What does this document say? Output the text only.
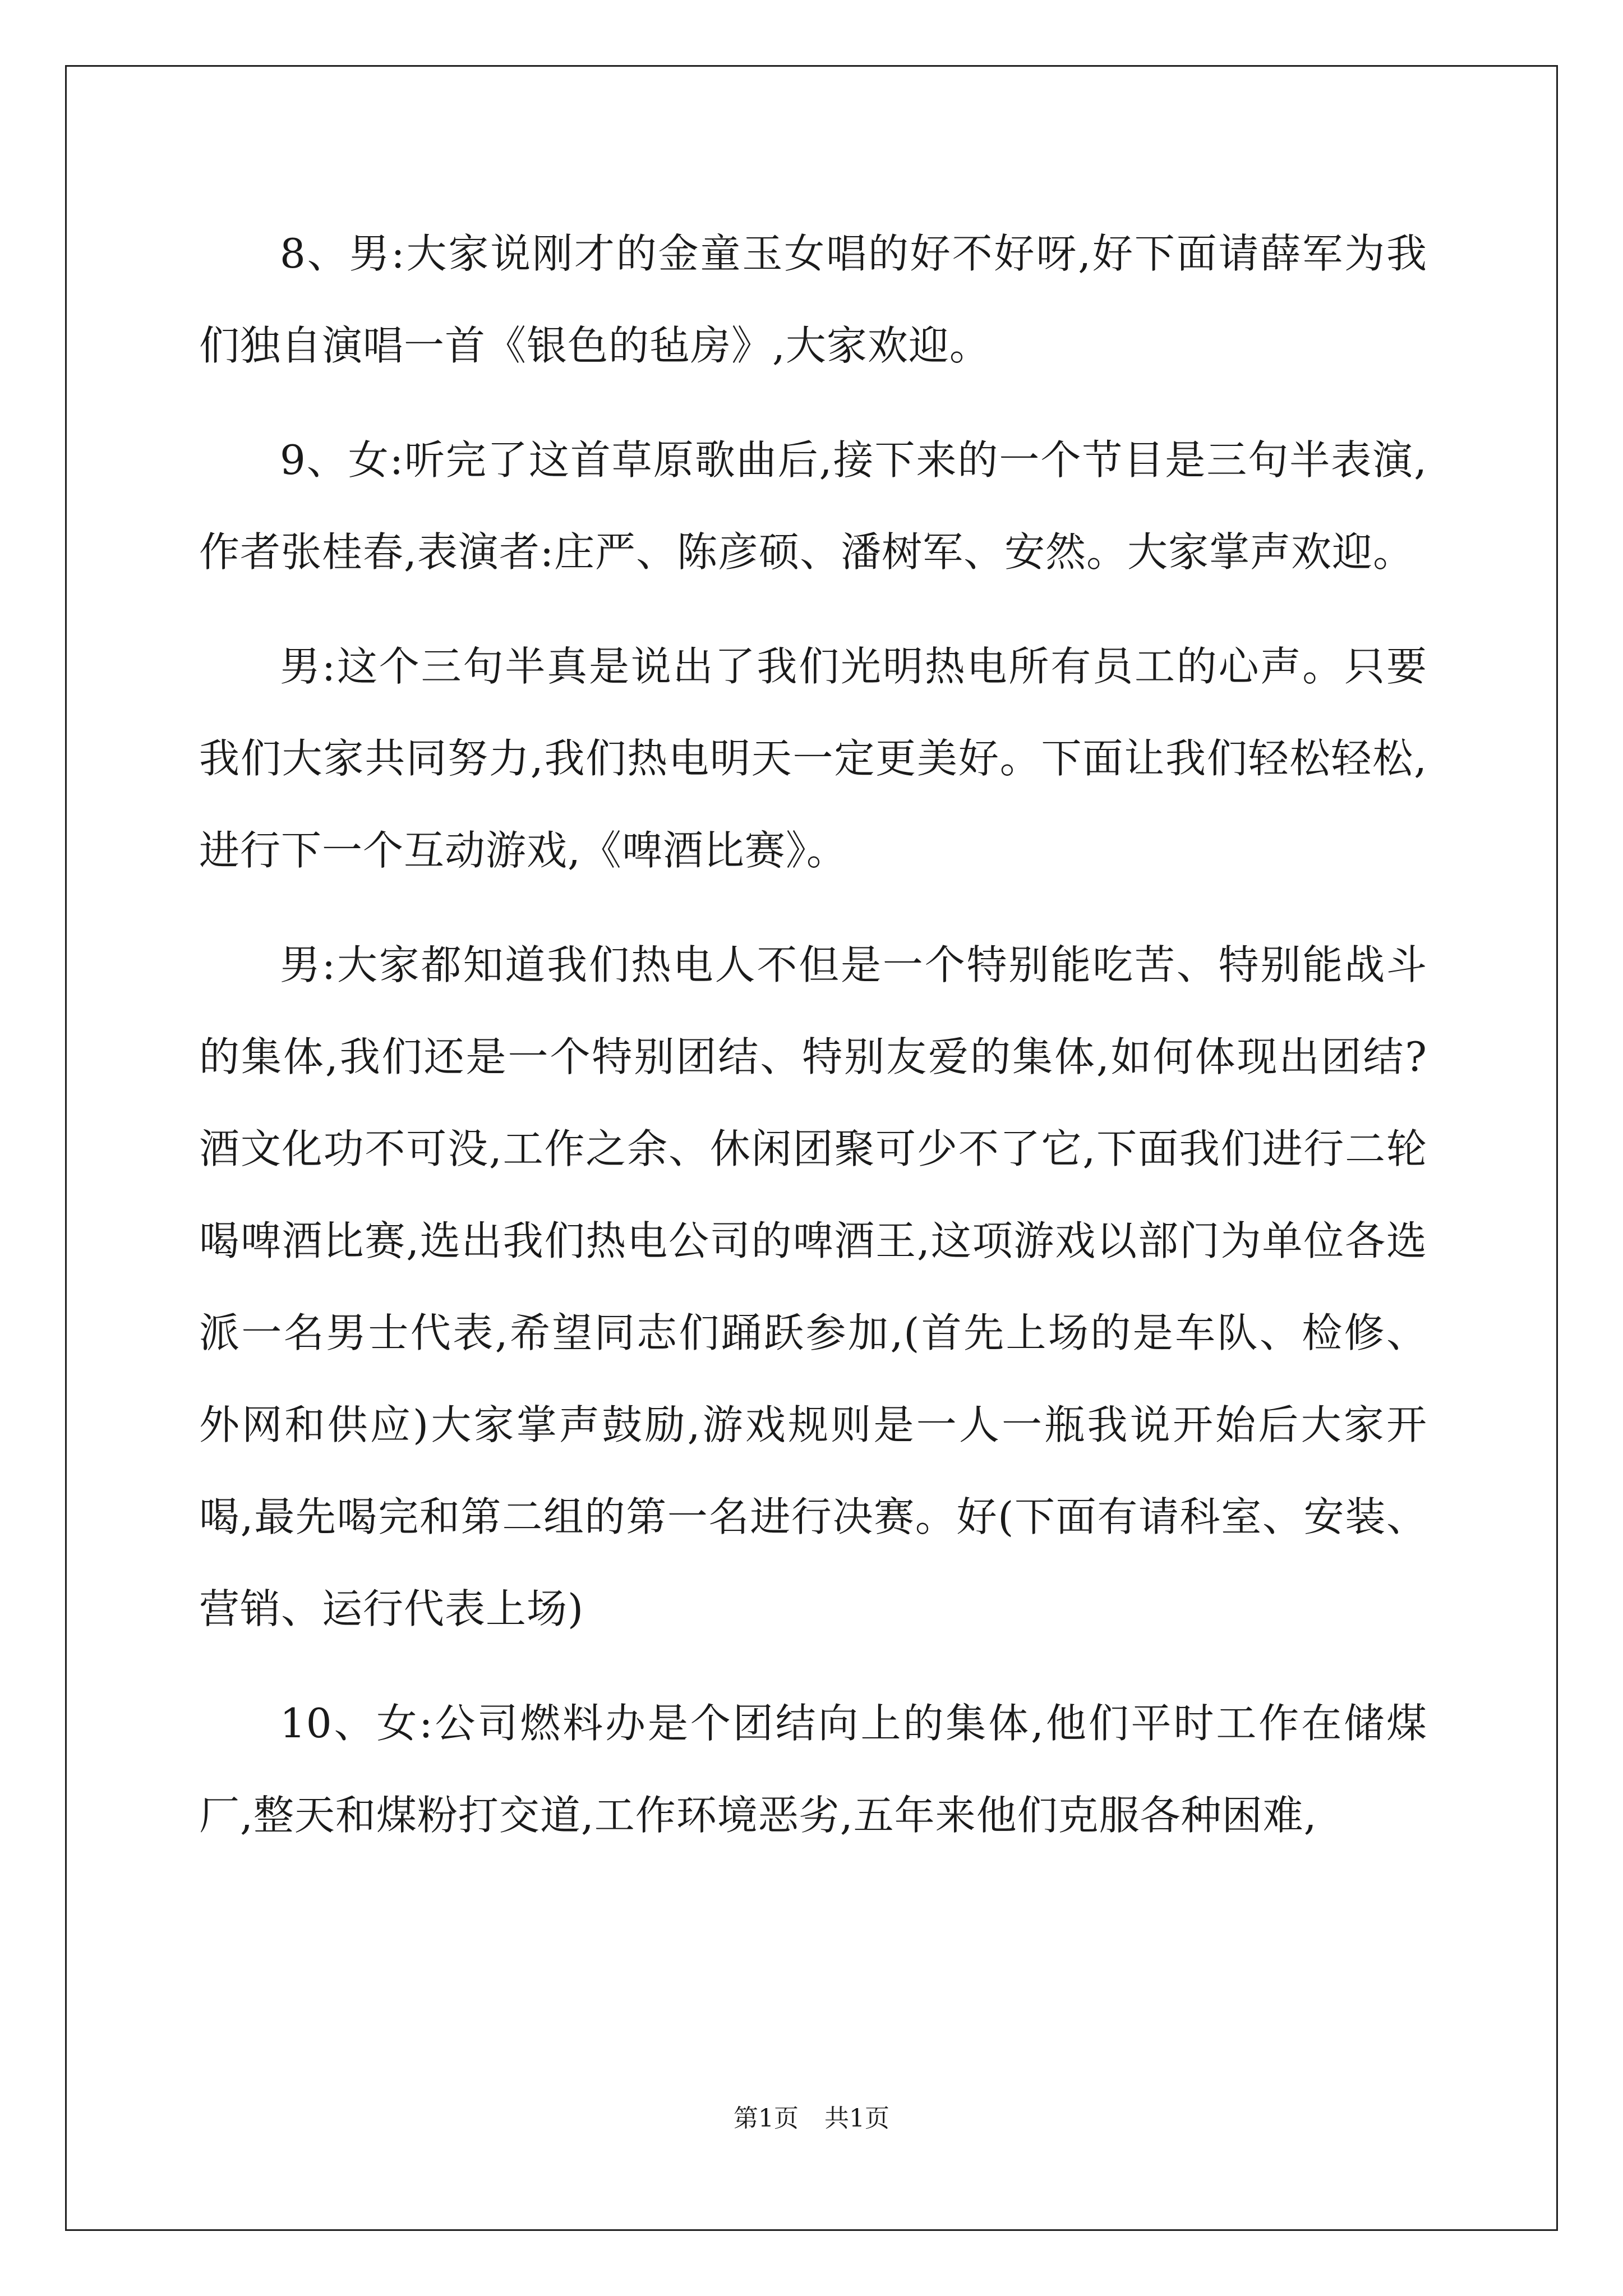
8、男:大家说刚才的金童玉女唱的好不好呀,好下面请薛军为我们独自演唱一首《银色的毡房》,大家欢迎。

9、女:听完了这首草原歌曲后,接下来的一个节目是三句半表演,作者张桂春,表演者:庄严、陈彦硕、潘树军、安然。大家掌声欢迎。

男:这个三句半真是说出了我们光明热电所有员工的心声。只要我们大家共同努力,我们热电明天一定更美好。下面让我们轻松轻松,进行下一个互动游戏,《啤酒比赛》。

男:大家都知道我们热电人不但是一个特别能吃苦、特别能战斗的集体,我们还是一个特别团结、特别友爱的集体,如何体现出团结?酒文化功不可没,工作之余、休闲团聚可少不了它,下面我们进行二轮喝啤酒比赛,选出我们热电公司的啤酒王,这项游戏以部门为单位各选派一名男士代表,希望同志们踊跃参加,(首先上场的是车队、检修、外网和供应)大家掌声鼓励,游戏规则是一人一瓶我说开始后大家开喝,最先喝完和第二组的第一名进行决赛。好(下面有请科室、安装、营销、运行代表上场)

10、女:公司燃料办是个团结向上的集体,他们平时工作在储煤厂,整天和煤粉打交道,工作环境恶劣,五年来他们克服各种困难,

第1页 共1页
